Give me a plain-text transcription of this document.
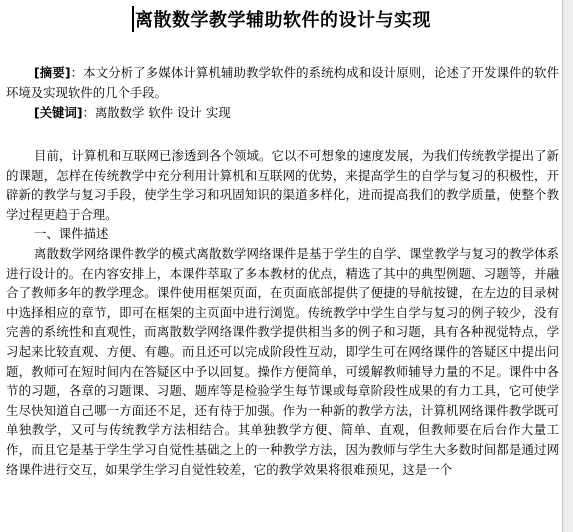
离散数学教学辅助软件的设计与实现

[摘要]：本文分析了多媒体计算机辅助教学软件的系统构成和设计原则，论述了开发课件的软件环境及实现软件的几个手段。

[关键词]：离散数学 软件 设计 实现

目前，计算机和互联网已渗透到各个领域。它以不可想象的速度发展，为我们传统教学提出了新的课题，怎样在传统教学中充分利用计算机和互联网的优势，来提高学生的自学与复习的积极性，开辟新的教学与复习手段，使学生学习和巩固知识的渠道多样化，进而提高我们的教学质量，使整个教学过程更趋于合理。

一、课件描述

离散数学网络课件教学的模式离散数学网络课件是基于学生的自学、课堂教学与复习的教学体系进行设计的。在内容安排上，本课件萃取了多本教材的优点，精选了其中的典型例题、习题等，并融合了教师多年的教学理念。课件使用框架页面，在页面底部提供了便捷的导航按键，在左边的目录树中选择相应的章节，即可在框架的主页面中进行浏览。传统教学中学生自学与复习的例子较少，没有完善的系统性和直观性，而离散数学网络课件教学提供相当多的例子和习题，具有各种视觉特点，学习起来比较直观、方便、有趣。而且还可以完成阶段性互动，即学生可在网络课件的答疑区中提出问题，教师可在短时间内在答疑区中予以回复。操作方便简单，可缓解教师辅导力量的不足。课件中各节的习题，各章的习题课、习题、题库等是检验学生每节课或每章阶段性成果的有力工具，它可使学生尽快知道自己哪一方面还不足，还有待于加强。作为一种新的教学方法，计算机网络课件教学既可单独教学，又可与传统教学方法相结合。其单独教学方便、简单、直观，但教师要在后台作大量工作，而且它是基于学生学习自觉性基础之上的一种教学方法，因为教师与学生大多数时间都是通过网络课件进行交互，如果学生学习自觉性较差，它的教学效果将很难预见，这是一个
